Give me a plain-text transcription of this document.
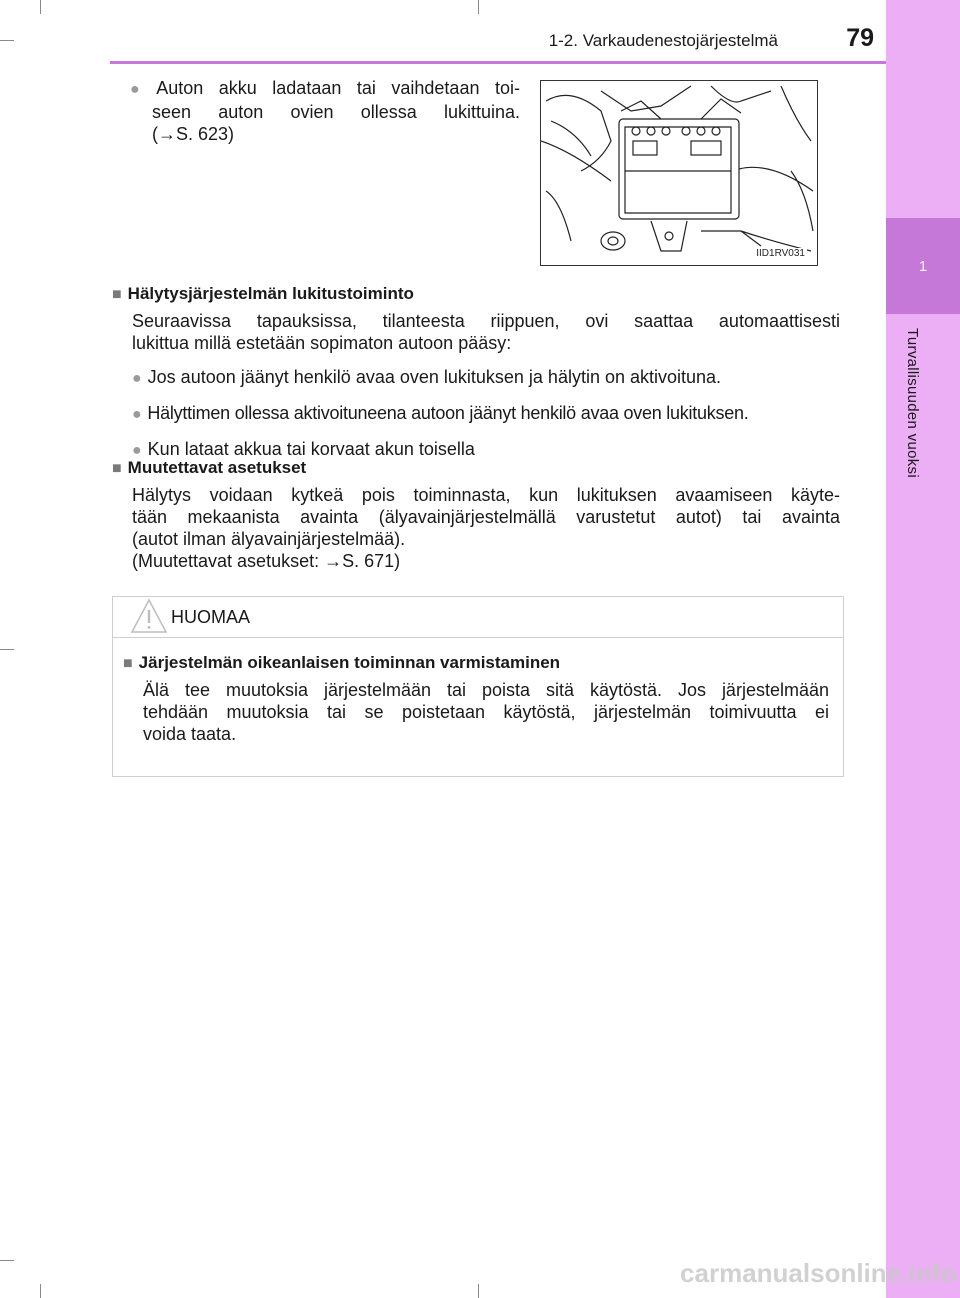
1
Turvallisuuden vuoksi
1-2. Varkaudenestojärjestelmä	79
● Auton akku ladataan tai vaihdetaan toi-
seen auton ovien ollessa lukittuina.
(→S. 623)
IID1RV031
■ Hälytysjärjestelmän lukitustoiminto
Seuraavissa tapauksissa, tilanteesta riippuen, ovi saattaa automaattisesti
lukittua millä estetään sopimaton autoon pääsy:
● Jos autoon jäänyt henkilö avaa oven lukituksen ja hälytin on aktivoituna.
● Hälyttimen ollessa aktivoituneena autoon jäänyt henkilö avaa oven lukituksen.
● Kun lataat akkua tai korvaat akun toisella
■ Muutettavat asetukset
Hälytys voidaan kytkeä pois toiminnasta, kun lukituksen avaamiseen käyte-
tään mekaanista avainta (älyavainjärjestelmällä varustetut autot) tai avainta
(autot ilman älyavainjärjestelmää).
(Muutettavat asetukset: →S. 671)
HUOMAA
■ Järjestelmän oikeanlaisen toiminnan varmistaminen
Älä tee muutoksia järjestelmään tai poista sitä käytöstä. Jos järjestelmään
tehdään muutoksia tai se poistetaan käytöstä, järjestelmän toimivuutta ei
voida taata.
carmanualsonline.info
